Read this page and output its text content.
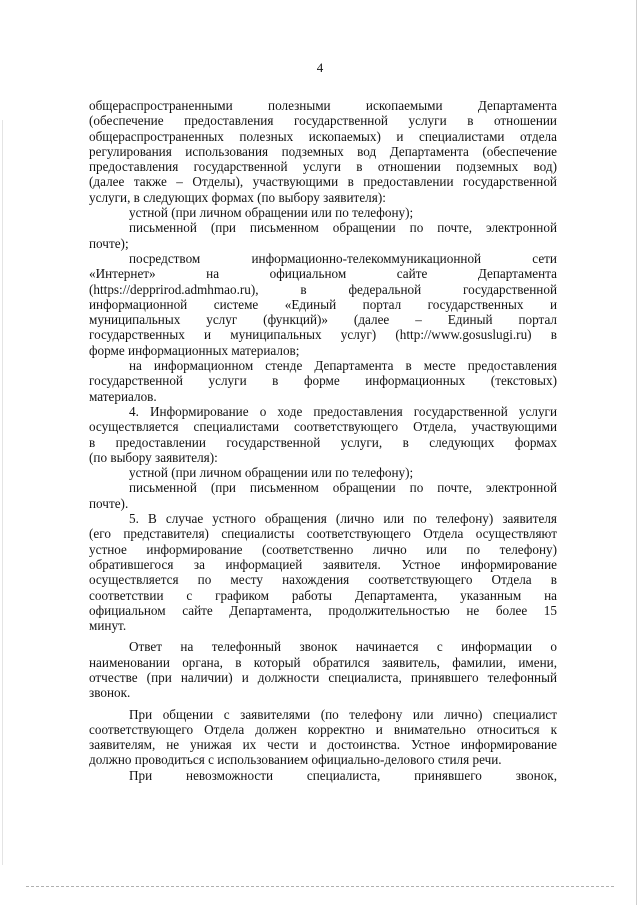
4

общераспространенными полезными ископаемыми Департамента

(обеспечение предоставления государственной услуги в отношении

общераспространенных полезных ископаемых) и специалистами отдела

регулирования использования подземных вод Департамента (обеспечение

предоставления государственной услуги в отношении подземных вод)

(далее также – Отделы), участвующими в предоставлении государственной

услуги, в следующих формах (по выбору заявителя):

устной (при личном обращении или по телефону);

письменной (при письменном обращении по почте, электронной

почте);

посредством информационно-телекоммуникационной сети

«Интернет» на официальном сайте Департамента

(https://depprirod.admhmao.ru), в федеральной государственной

информационной системе «Единый портал государственных и

муниципальных услуг (функций)» (далее – Единый портал

государственных и муниципальных услуг) (http://www.gosuslugi.ru) в

форме информационных материалов;

на информационном стенде Департамента в месте предоставления

государственной услуги в форме информационных (текстовых)

материалов.

4. Информирование о ходе предоставления государственной услуги

осуществляется специалистами соответствующего Отдела, участвующими

в предоставлении государственной услуги, в следующих формах

(по выбору заявителя):

устной (при личном обращении или по телефону);

письменной (при письменном обращении по почте, электронной

почте).

5. В случае устного обращения (лично или по телефону) заявителя

(его представителя) специалисты соответствующего Отдела осуществляют

устное информирование (соответственно лично или по телефону)

обратившегося за информацией заявителя. Устное информирование

осуществляется по месту нахождения соответствующего Отдела в

соответствии с графиком работы Департамента, указанным на

официальном сайте Департамента, продолжительностью не более 15

минут.

Ответ на телефонный звонок начинается с информации о

наименовании органа, в который обратился заявитель, фамилии, имени,

отчестве (при наличии) и должности специалиста, принявшего телефонный

звонок.

При общении с заявителями (по телефону или лично) специалист

соответствующего Отдела должен корректно и внимательно относиться к

заявителям, не унижая их чести и достоинства. Устное информирование

должно проводиться с использованием официально-делового стиля речи.

При невозможности специалиста, принявшего звонок,
